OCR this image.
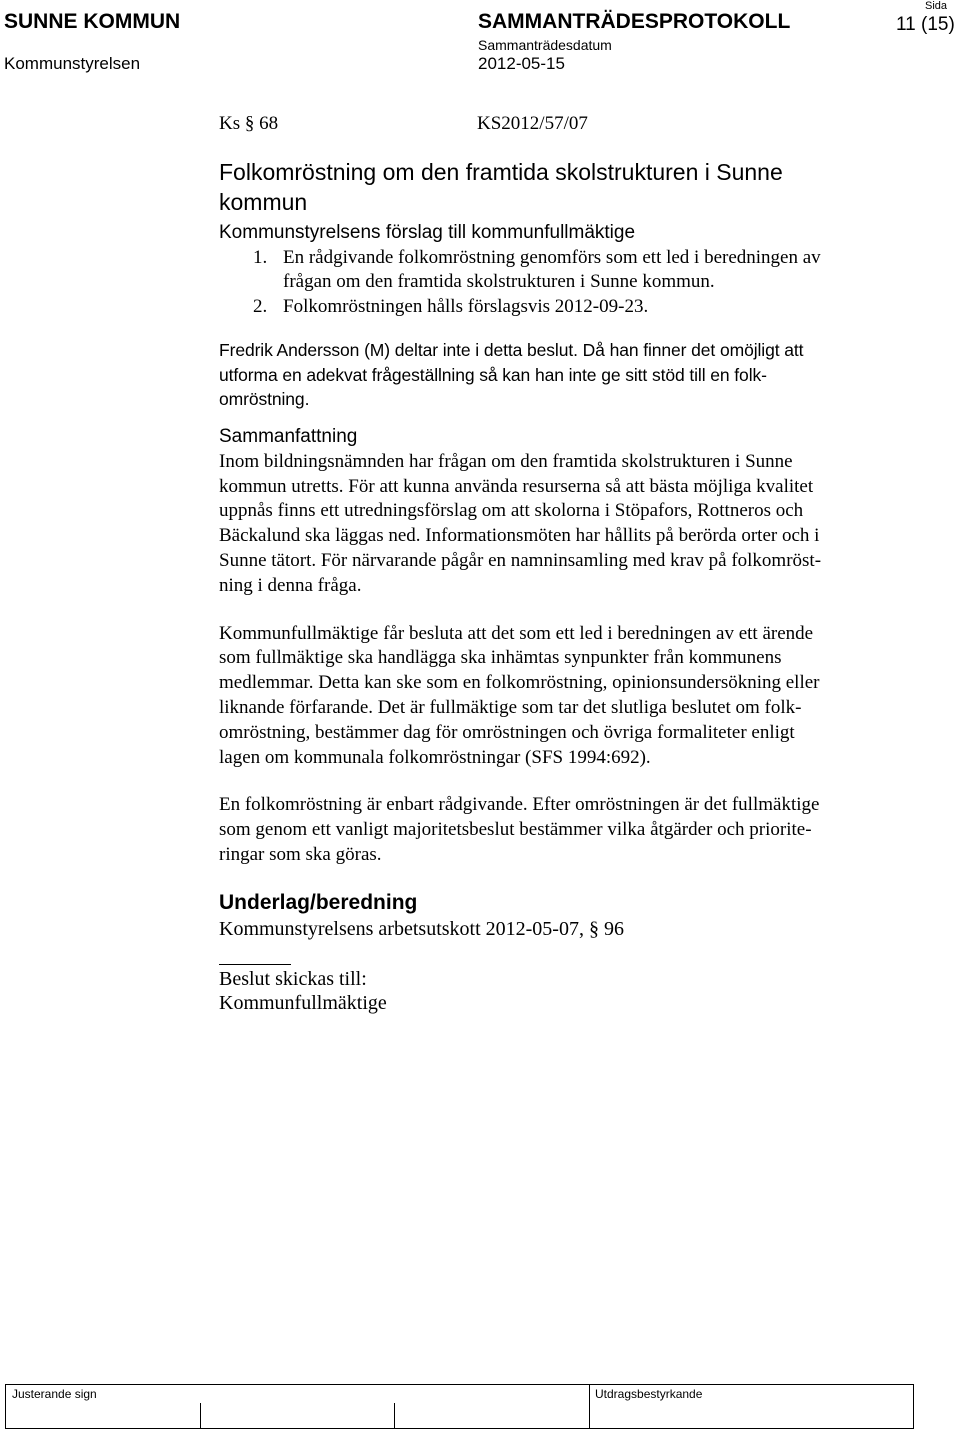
SUNNE KOMMUN
Kommunstyrelsen
SAMMANTRÄDESPROTOKOLL
Sammanträdesdatum
2012-05-15
Sida
11 (15)
Ks § 68	KS2012/57/07
Folkomröstning om den framtida skolstrukturen i Sunne
kommun
Kommunstyrelsens förslag till kommunfullmäktige
1. En rådgivande folkomröstning genomförs som ett led i beredningen av
frågan om den framtida skolstrukturen i Sunne kommun.
2. Folkomröstningen hålls förslagsvis 2012-09-23.
Fredrik Andersson (M) deltar inte i detta beslut. Då han finner det omöjligt att
utforma en adekvat frågeställning så kan han inte ge sitt stöd till en folk-
omröstning.
Sammanfattning
Inom bildningsnämnden har frågan om den framtida skolstrukturen i Sunne
kommun utretts. För att kunna använda resurserna så att bästa möjliga kvalitet
uppnås finns ett utredningsförslag om att skolorna i Stöpafors, Rottneros och
Bäckalund ska läggas ned. Informationsmöten har hållits på berörda orter och i
Sunne tätort. För närvarande pågår en namninsamling med krav på folkomröst-
ning i denna fråga.
Kommunfullmäktige får besluta att det som ett led i beredningen av ett ärende
som fullmäktige ska handlägga ska inhämtas synpunkter från kommunens
medlemmar. Detta kan ske som en folkomröstning, opinionsundersökning eller
liknande förfarande. Det är fullmäktige som tar det slutliga beslutet om folk-
omröstning, bestämmer dag för omröstningen och övriga formaliteter enligt
lagen om kommunala folkomröstningar (SFS 1994:692).
En folkomröstning är enbart rådgivande. Efter omröstningen är det fullmäktige
som genom ett vanligt majoritetsbeslut bestämmer vilka åtgärder och priorite-
ringar som ska göras.
Underlag/beredning
Kommunstyrelsens arbetsutskott 2012-05-07, § 96
Beslut skickas till:
Kommunfullmäktige
Justerande sign	Utdragsbestyrkande
